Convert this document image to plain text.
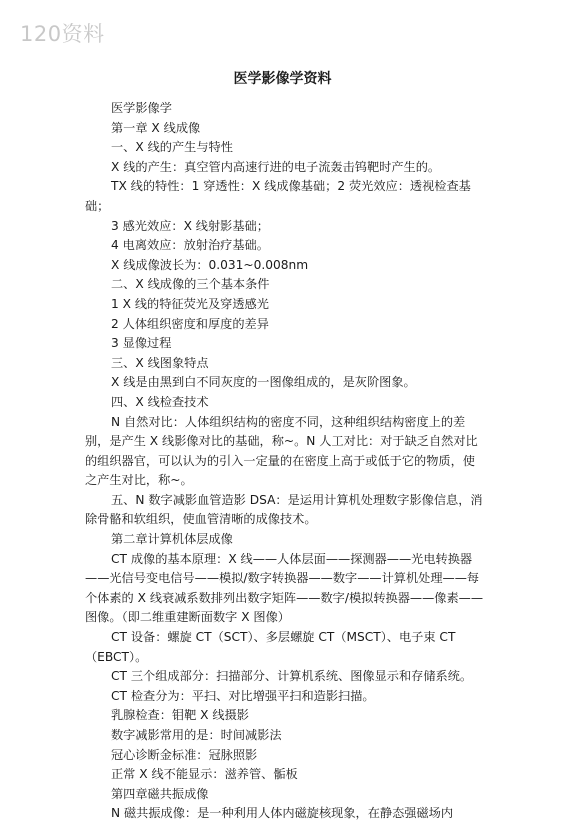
120资料
医学影像学资料

医学影像学

第一章 X 线成像

一、X 线的产生与特性

X 线的产生：真空管内高速行进的电子流轰击钨靶时产生的。

TX 线的特性：1 穿透性：X 线成像基础；2 荧光效应：透视检查基础；

3 感光效应：X 线射影基础；

4 电离效应：放射治疗基础。

X 线成像波长为：0.031~0.008nm

二、X 线成像的三个基本条件

1 X 线的特征荧光及穿透感光

2 人体组织密度和厚度的差异

3 显像过程

三、X 线图象特点

X 线是由黑到白不同灰度的一图像组成的，是灰阶图象。

四、X 线检查技术

N 自然对比：人体组织结构的密度不同，这种组织结构密度上的差别，是产生 X 线影像对比的基础，称~。N 人工对比：对于缺乏自然对比的组织器官，可以认为的引入一定量的在密度上高于或低于它的物质，使之产生对比，称~。

五、N 数字减影血管造影 DSA：是运用计算机处理数字影像信息，消除骨骼和软组织，使血管清晰的成像技术。

第二章计算机体层成像

CT 成像的基本原理：X 线——人体层面——探测器——光电转换器——光信号变电信号——模拟/数字转换器——数字——计算机处理——每个体素的 X 线衰减系数排列出数字矩阵——数字/模拟转换器——像素——图像。（即二维重建断面数字 X 图像）

CT 设备：螺旋 CT（SCT）、多层螺旋 CT（MSCT）、电子束 CT（EBCT）。

CT 三个组成部分：扫描部分、计算机系统、图像显示和存储系统。

CT 检查分为：平扫、对比增强平扫和造影扫描。

乳腺检查：钼靶 X 线摄影

数字减影常用的是：时间减影法

冠心诊断金标准：冠脉照影

正常 X 线不能显示：滋养管、骺板

第四章磁共振成像

N 磁共振成像：是一种利用人体内磁旋核现象，在静态强磁场内
